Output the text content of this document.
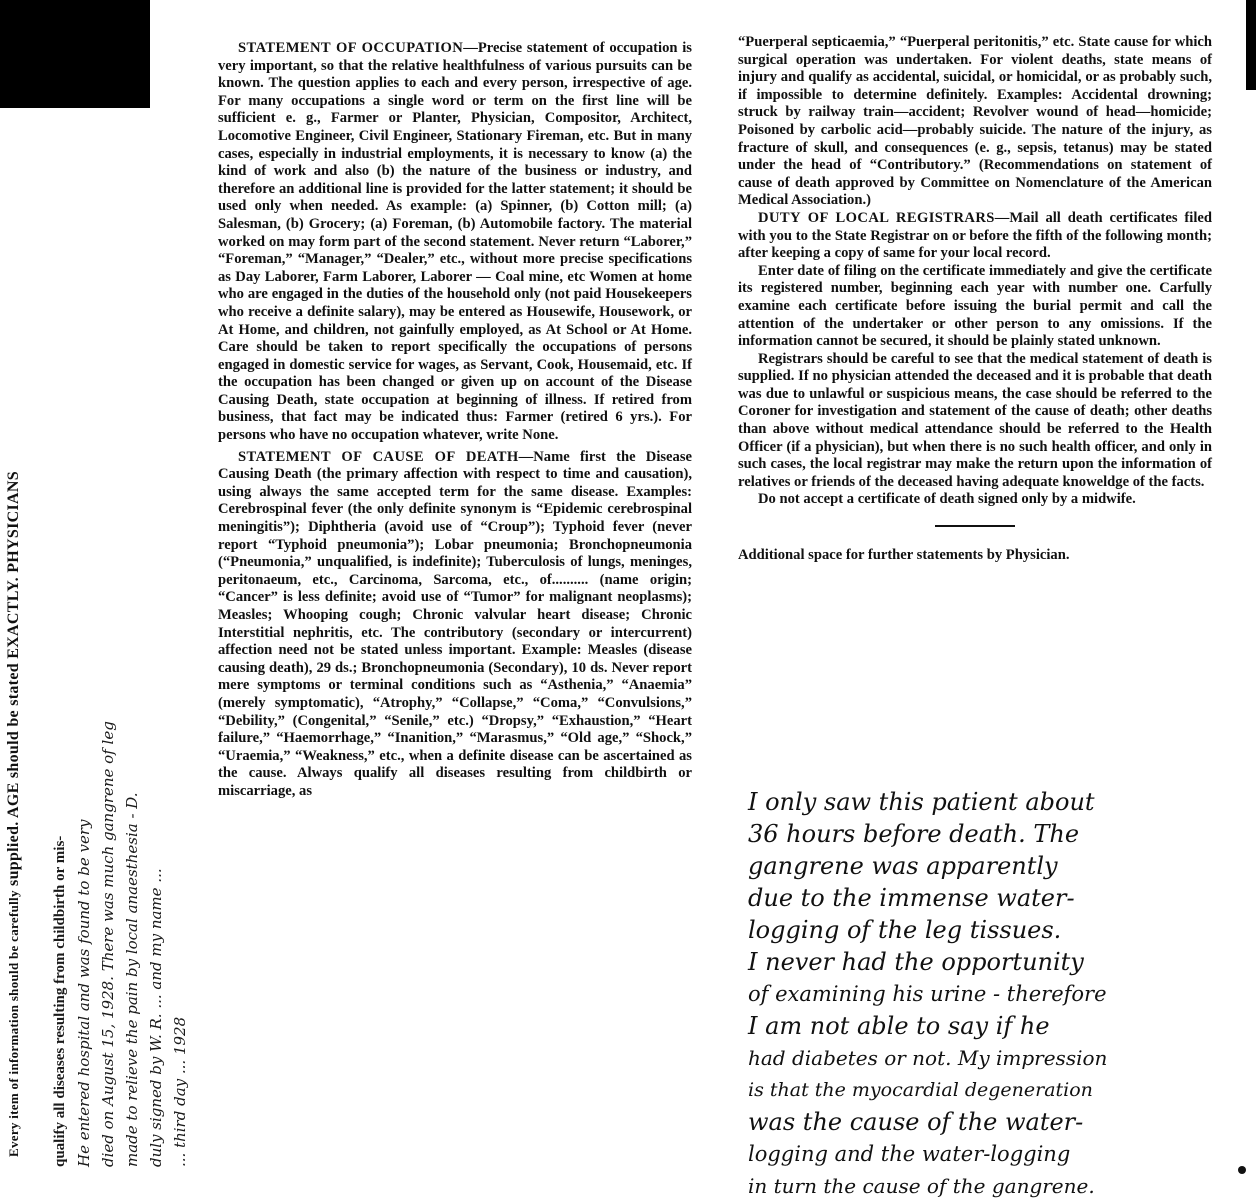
Every item of information should be carefully supplied. AGE should be stated EXACTLY. PHYSICIANS
qualify all diseases resulting from childbirth or mis- He entered hospital and was found to be very died on August 15, 1928. There was much gangrene of leg made to relieve the pain by local anaesthesia - D. duly signed by W. R. ... and my name ... ... third day ... 1928

STATEMENT OF OCCUPATION—Precise statement of occupation is very important, so that the relative healthfulness of various pursuits can be known. The question applies to each and every person, irrespective of age. For many occupations a single word or term on the first line will be sufficient e. g., Farmer or Planter, Physician, Compositor, Architect, Locomotive Engineer, Civil Engineer, Stationary Fireman, etc. But in many cases, especially in industrial employments, it is necessary to know (a) the kind of work and also (b) the nature of the business or industry, and therefore an additional line is provided for the latter statement; it should be used only when needed. As example: (a) Spinner, (b) Cotton mill; (a) Salesman, (b) Grocery; (a) Foreman, (b) Automobile factory. The material worked on may form part of the second statement. Never return “Laborer,” “Foreman,” “Manager,” “Dealer,” etc., without more precise specifications as Day Laborer, Farm Laborer, Laborer — Coal mine, etc Women at home who are engaged in the duties of the household only (not paid Housekeepers who receive a definite salary), may be entered as Housewife, Housework, or At Home, and children, not gainfully employed, as At School or At Home. Care should be taken to report specifically the occupations of persons engaged in domestic service for wages, as Servant, Cook, Housemaid, etc. If the occupation has been changed or given up on account of the Disease Causing Death, state occupation at beginning of illness. If retired from business, that fact may be indicated thus: Farmer (retired 6 yrs.). For persons who have no occupation whatever, write None.

STATEMENT OF CAUSE OF DEATH—Name first the Disease Causing Death (the primary affection with respect to time and causation), using always the same accepted term for the same disease. Examples: Cerebrospinal fever (the only definite synonym is “Epidemic cerebrospinal meningitis”); Diphtheria (avoid use of “Croup”); Typhoid fever (never report “Typhoid pneumonia”); Lobar pneumonia; Bronchopneumonia (“Pneumonia,” unqualified, is indefinite); Tuberculosis of lungs, meninges, peritonaeum, etc., Carcinoma, Sarcoma, etc., of.......... (name origin; “Cancer” is less definite; avoid use of “Tumor” for malignant neoplasms); Measles; Whooping cough; Chronic valvular heart disease; Chronic Interstitial nephritis, etc. The contributory (secondary or intercurrent) affection need not be stated unless important. Example: Measles (disease causing death), 29 ds.; Bronchopneumonia (Secondary), 10 ds. Never report mere symptoms or terminal conditions such as “Asthenia,” “Anaemia” (merely symptomatic), “Atrophy,” “Collapse,” “Coma,” “Convulsions,” “Debility,” (Congenital,” “Senile,” etc.) “Dropsy,” “Exhaustion,” “Heart failure,” “Haemorrhage,” “Inanition,” “Marasmus,” “Old age,” “Shock,” “Uraemia,” “Weakness,” etc., when a definite disease can be ascertained as the cause. Always qualify all diseases resulting from childbirth or miscarriage, as

“Puerperal septicaemia,” “Puerperal peritonitis,” etc. State cause for which surgical operation was undertaken. For violent deaths, state means of injury and qualify as accidental, suicidal, or homicidal, or as probably such, if impossible to determine definitely. Examples: Accidental drowning; struck by railway train—accident; Revolver wound of head—homicide; Poisoned by carbolic acid—probably suicide. The nature of the injury, as fracture of skull, and consequences (e. g., sepsis, tetanus) may be stated under the head of “Contributory.” (Recommendations on statement of cause of death approved by Committee on Nomenclature of the American Medical Association.)

DUTY OF LOCAL REGISTRARS—Mail all death certificates filed with you to the State Registrar on or before the fifth of the following month; after keeping a copy of same for your local record.

Enter date of filing on the certificate immediately and give the certificate its registered number, beginning each year with number one. Carfully examine each certificate before issuing the burial permit and call the attention of the undertaker or other person to any omissions. If the information cannot be secured, it should be plainly stated unknown.

Registrars should be careful to see that the medical statement of death is supplied. If no physician attended the deceased and it is probable that death was due to unlawful or suspicious means, the case should be referred to the Coroner for investigation and statement of the cause of death; other deaths than above without medical attendance should be referred to the Health Officer (if a physician), but when there is no such health officer, and only in such cases, the local registrar may make the return upon the information of relatives or friends of the deceased having adequate knoweldge of the facts.

Do not accept a certificate of death signed only by a midwife.

Additional space for further statements by Physician.
I only saw this patient about
36 hours before death. The
gangrene was apparently
due to the immense water-
logging of the leg tissues.
I never had the opportunity
of examining his urine - therefore
I am not able to say if he
had diabetes or not. My impression
is that the myocardial degeneration
was the cause of the water-
logging and the water-logging
in turn the cause of the gangrene.
